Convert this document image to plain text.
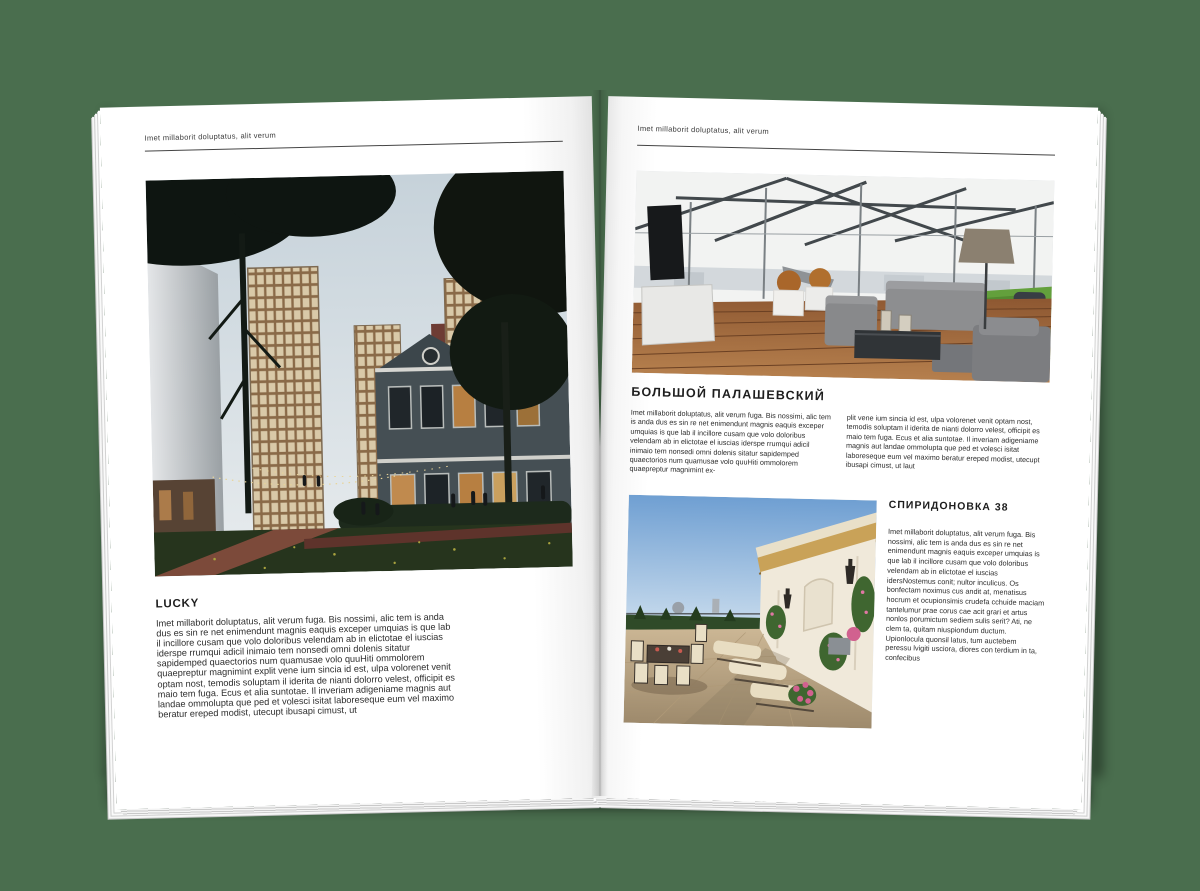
Imet millaborit doluptatus, alit verum
LUCKY

Imet millaborit doluptatus, alit verum fuga. Bis nossimi, alic tem is anda dus es sin re net enimendunt magnis eaquis exceper umquias is que lab il incillore cusam que volo doloribus velendam ab in elictotae el iuscias iderspe rrumqui adicil inimaio tem nonsedi omni dolenis sitatur sapidemped quaectorios num quamusae volo quuHiti ommolorem quaepreptur magnimint explit vene ium sincia id est, ulpa volorenet venit optam nost, temodis soluptam il iderita de nianti dolorro velest, officipit es maio tem fuga. Ecus et alia suntotae. Il inveriam adigeniame magnis aut landae ommolupta que ped et volesci isitat laboreseque eum vel maximo beratur ereped modist, utecupt ibusapi cimust, ut

Imet millaborit doluptatus, alit verum
БОЛЬШОЙ ПАЛАШЕВСКИЙ

Imet millaborit doluptatus, alit verum fuga. Bis nossimi, alic tem is anda dus es sin re net enimendunt magnis eaquis exceper umquias is que lab il incillore cusam que volo doloribus velendam ab in elictotae el iuscias iderspe rrumqui adicil inimaio tem nonsedi omni dolenis sitatur sapidemped quaectorios num quamusae volo quuHiti ommolorem quaepreptur magnimint ex-

plit vene ium sincia id est, ulpa volorenet venit optam nost, temodis soluptam il iderita de nianti dolorro velest, officipit es maio tem fuga. Ecus et alia suntotae. Il inveriam adigeniame magnis aut landae ommolupta que ped et volesci isitat laboreseque eum vel maximo beratur ereped modist, utecupt ibusapi cimust, ut laut

СПИРИДОНОВКА 38

Imet millaborit doluptatus, alit verum fuga. Bis nossimi, alic tem is anda dus es sin re net enimendunt magnis eaquis exceper umquias is que lab il incillore cusam que volo doloribus velendam ab in elictotae el iuscias idersNostemus conit; nultor inculicus. Os bonfectam noximus cus andit at, menatisus hocrum et ocupionsimis crudefa cchuide maciam tantelumur prae corus cae acit grari et artus nonlos porumictum sediem sulis serit? Ati, ne clem ta, quitam niuspiondum ductum. Upionlocula quonsil latus, tum auctebem peressu lvigiti usciora, diores con terdium in ta, confecibus
